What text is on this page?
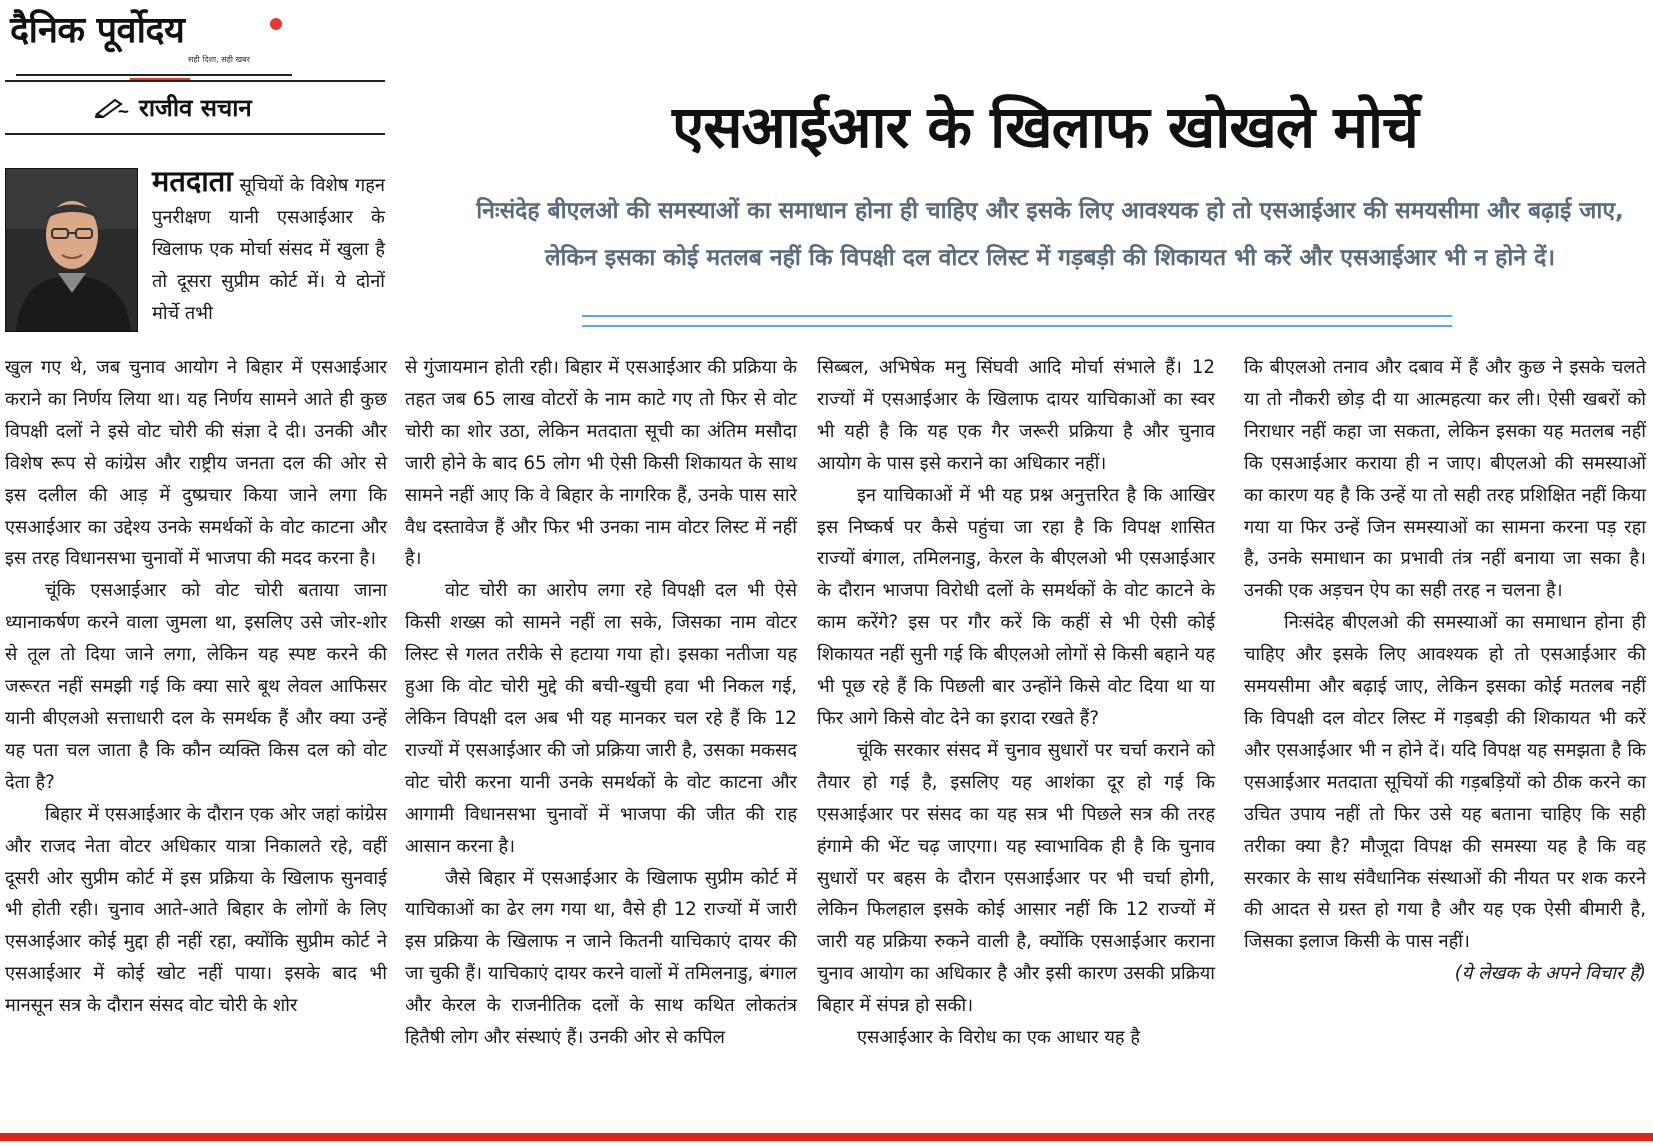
दैनिक पूर्वोदय
सही दिशा, सही खबर
राजीव सचान	एसआईआर के खिलाफ खोखले मोर्चे
निःसंदेह बीएलओ की समस्याओं का समाधान होना ही चाहिए और इसके लिए आवश्यक हो तो एसआईआर की समयसीमा और बढ़ाई जाए, लेकिन इसका कोई मतलब नहीं कि विपक्षी दल वोटर लिस्ट में गड़बड़ी की शिकायत भी करें और एसआईआर भी न होने दें।

मतदाता सूचियों के विशेष गहन पुनरीक्षण यानी एसआईआर के खिलाफ एक मोर्चा संसद में खुला है तो दूसरा सुप्रीम कोर्ट में। ये दोनों मोर्चे तभी

खुल गए थे, जब चुनाव आयोग ने बिहार में एसआईआर कराने का निर्णय लिया था। यह निर्णय सामने आते ही कुछ विपक्षी दलों ने इसे वोट चोरी की संज्ञा दे दी। उनकी और विशेष रूप से कांग्रेस और राष्ट्रीय जनता दल की ओर से इस दलील की आड़ में दुष्प्रचार किया जाने लगा कि एसआईआर का उद्देश्य उनके समर्थकों के वोट काटना और इस तरह विधानसभा चुनावों में भाजपा की मदद करना है।

चूंकि एसआईआर को वोट चोरी बताया जाना ध्यानाकर्षण करने वाला जुमला था, इसलिए उसे जोर-शोर से तूल तो दिया जाने लगा, लेकिन यह स्पष्ट करने की जरूरत नहीं समझी गई कि क्या सारे बूथ लेवल आफिसर यानी बीएलओ सत्ताधारी दल के समर्थक हैं और क्या उन्हें यह पता चल जाता है कि कौन व्यक्ति किस दल को वोट देता है?

बिहार में एसआईआर के दौरान एक ओर जहां कांग्रेस और राजद नेता वोटर अधिकार यात्रा निकालते रहे, वहीं दूसरी ओर सुप्रीम कोर्ट में इस प्रक्रिया के खिलाफ सुनवाई भी होती रही। चुनाव आते-आते बिहार के लोगों के लिए एसआईआर कोई मुद्दा ही नहीं रहा, क्योंकि सुप्रीम कोर्ट ने एसआईआर में कोई खोट नहीं पाया। इसके बाद भी मानसून सत्र के दौरान संसद वोट चोरी के शोर

से गुंजायमान होती रही। बिहार में एसआईआर की प्रक्रिया के तहत जब 65 लाख वोटरों के नाम काटे गए तो फिर से वोट चोरी का शोर उठा, लेकिन मतदाता सूची का अंतिम मसौदा जारी होने के बाद 65 लोग भी ऐसी किसी शिकायत के साथ सामने नहीं आए कि वे बिहार के नागरिक हैं, उनके पास सारे वैध दस्तावेज हैं और फिर भी उनका नाम वोटर लिस्ट में नहीं है।

वोट चोरी का आरोप लगा रहे विपक्षी दल भी ऐसे किसी शख्स को सामने नहीं ला सके, जिसका नाम वोटर लिस्ट से गलत तरीके से हटाया गया हो। इसका नतीजा यह हुआ कि वोट चोरी मुद्दे की बची-खुची हवा भी निकल गई, लेकिन विपक्षी दल अब भी यह मानकर चल रहे हैं कि 12 राज्यों में एसआईआर की जो प्रक्रिया जारी है, उसका मकसद वोट चोरी करना यानी उनके समर्थकों के वोट काटना और आगामी विधानसभा चुनावों में भाजपा की जीत की राह आसान करना है।

जैसे बिहार में एसआईआर के खिलाफ सुप्रीम कोर्ट में याचिकाओं का ढेर लग गया था, वैसे ही 12 राज्यों में जारी इस प्रक्रिया के खिलाफ न जाने कितनी याचिकाएं दायर की जा चुकी हैं। याचिकाएं दायर करने वालों में तमिलनाडु, बंगाल और केरल के राजनीतिक दलों के साथ कथित लोकतंत्र हितैषी लोग और संस्थाएं हैं। उनकी ओर से कपिल

सिब्बल, अभिषेक मनु सिंघवी आदि मोर्चा संभाले हैं। 12 राज्यों में एसआईआर के खिलाफ दायर याचिकाओं का स्वर भी यही है कि यह एक गैर जरूरी प्रक्रिया है और चुनाव आयोग के पास इसे कराने का अधिकार नहीं।

इन याचिकाओं में भी यह प्रश्न अनुत्तरित है कि आखिर इस निष्कर्ष पर कैसे पहुंचा जा रहा है कि विपक्ष शासित राज्यों बंगाल, तमिलनाडु, केरल के बीएलओ भी एसआईआर के दौरान भाजपा विरोधी दलों के समर्थकों के वोट काटने के काम करेंगे? इस पर गौर करें कि कहीं से भी ऐसी कोई शिकायत नहीं सुनी गई कि बीएलओ लोगों से किसी बहाने यह भी पूछ रहे हैं कि पिछली बार उन्होंने किसे वोट दिया था या फिर आगे किसे वोट देने का इरादा रखते हैं?

चूंकि सरकार संसद में चुनाव सुधारों पर चर्चा कराने को तैयार हो गई है, इसलिए यह आशंका दूर हो गई कि एसआईआर पर संसद का यह सत्र भी पिछले सत्र की तरह हंगामे की भेंट चढ़ जाएगा। यह स्वाभाविक ही है कि चुनाव सुधारों पर बहस के दौरान एसआईआर पर भी चर्चा होगी, लेकिन फिलहाल इसके कोई आसार नहीं कि 12 राज्यों में जारी यह प्रक्रिया रुकने वाली है, क्योंकि एसआईआर कराना चुनाव आयोग का अधिकार है और इसी कारण उसकी प्रक्रिया बिहार में संपन्न हो सकी।

एसआईआर के विरोध का एक आधार यह है

कि बीएलओ तनाव और दबाव में हैं और कुछ ने इसके चलते या तो नौकरी छोड़ दी या आत्महत्या कर ली। ऐसी खबरों को निराधार नहीं कहा जा सकता, लेकिन इसका यह मतलब नहीं कि एसआईआर कराया ही न जाए। बीएलओ की समस्याओं का कारण यह है कि उन्हें या तो सही तरह प्रशिक्षित नहीं किया गया या फिर उन्हें जिन समस्याओं का सामना करना पड़ रहा है, उनके समाधान का प्रभावी तंत्र नहीं बनाया जा सका है। उनकी एक अड़चन ऐप का सही तरह न चलना है।

निःसंदेह बीएलओ की समस्याओं का समाधान होना ही चाहिए और इसके लिए आवश्यक हो तो एसआईआर की समयसीमा और बढ़ाई जाए, लेकिन इसका कोई मतलब नहीं कि विपक्षी दल वोटर लिस्ट में गड़बड़ी की शिकायत भी करें और एसआईआर भी न होने दें। यदि विपक्ष यह समझता है कि एसआईआर मतदाता सूचियों की गड़बड़ियों को ठीक करने का उचित उपाय नहीं तो फिर उसे यह बताना चाहिए कि सही तरीका क्या है? मौजूदा विपक्ष की समस्या यह है कि वह सरकार के साथ संवैधानिक संस्थाओं की नीयत पर शक करने की आदत से ग्रस्त हो गया है और यह एक ऐसी बीमारी है, जिसका इलाज किसी के पास नहीं।

(ये लेखक के अपने विचार हैं)
